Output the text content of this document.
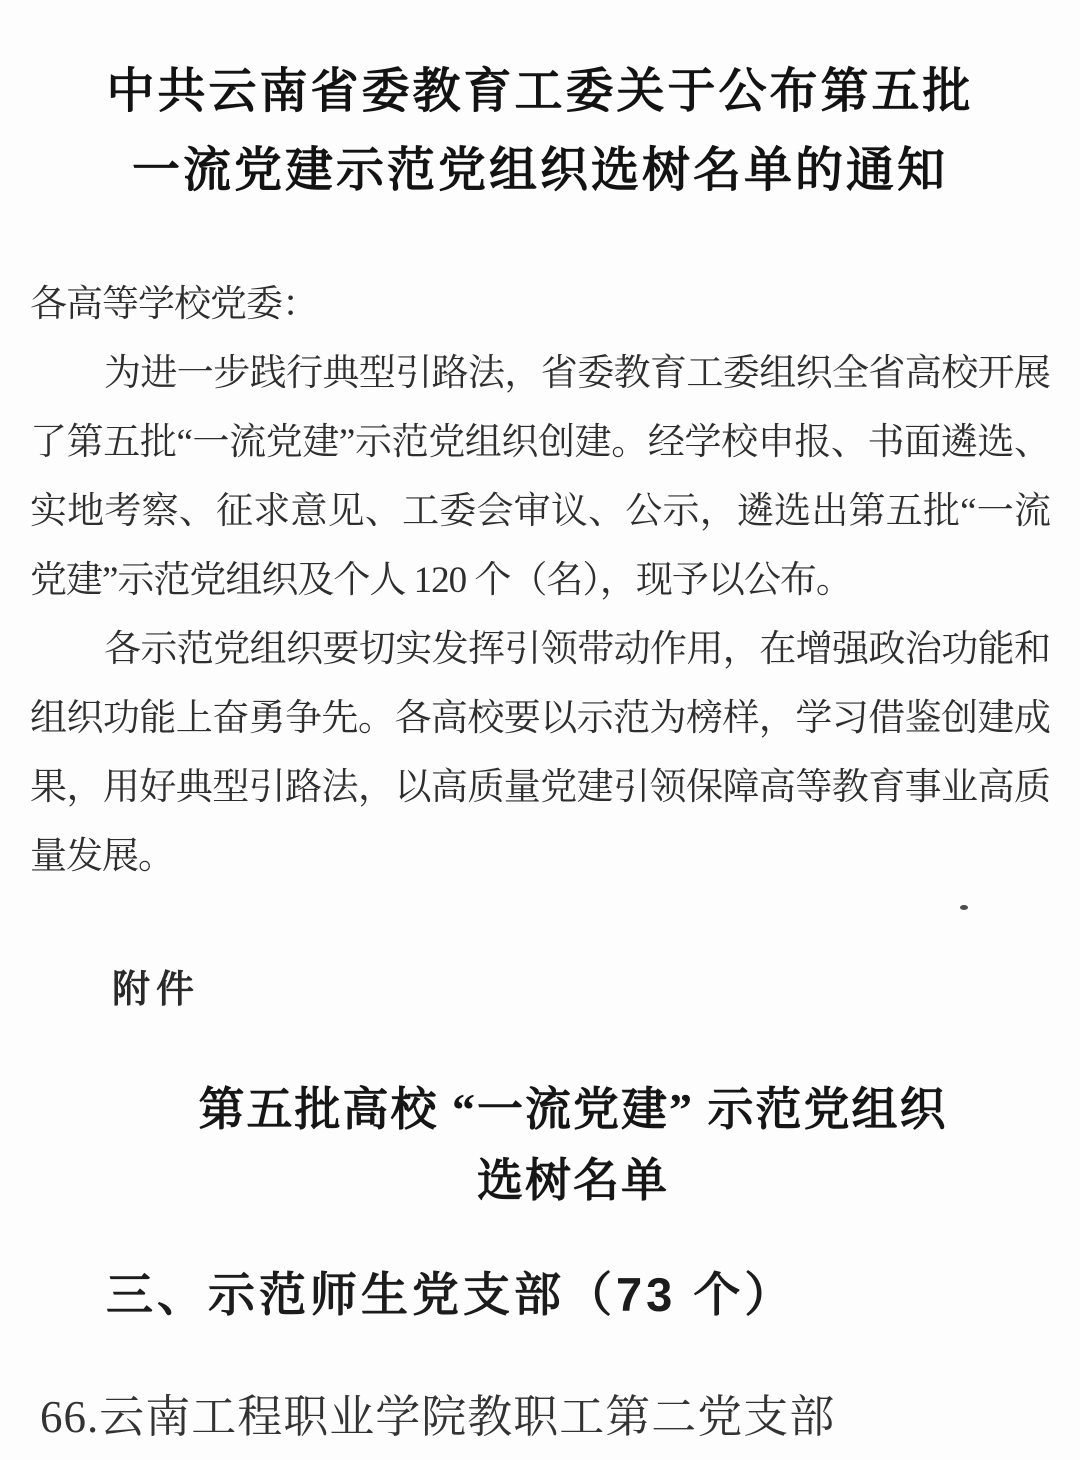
中共云南省委教育工委关于公布第五批
一流党建示范党组织选树名单的通知
各高等学校党委：
为进一步践行典型引路法，省委教育工委组织全省高校开展
了第五批“一流党建”示范党组织创建。经学校申报、书面遴选、
实地考察、征求意见、工委会审议、公示，遴选出第五批“一流
党建”示范党组织及个人 120 个（名），现予以公布。
各示范党组织要切实发挥引领带动作用，在增强政治功能和
组织功能上奋勇争先。各高校要以示范为榜样，学习借鉴创建成
果，用好典型引路法，以高质量党建引领保障高等教育事业高质
量发展。
附件
第五批高校 “一流党建” 示范党组织
选树名单
三、示范师生党支部（73 个）
66.云南工程职业学院教职工第二党支部
